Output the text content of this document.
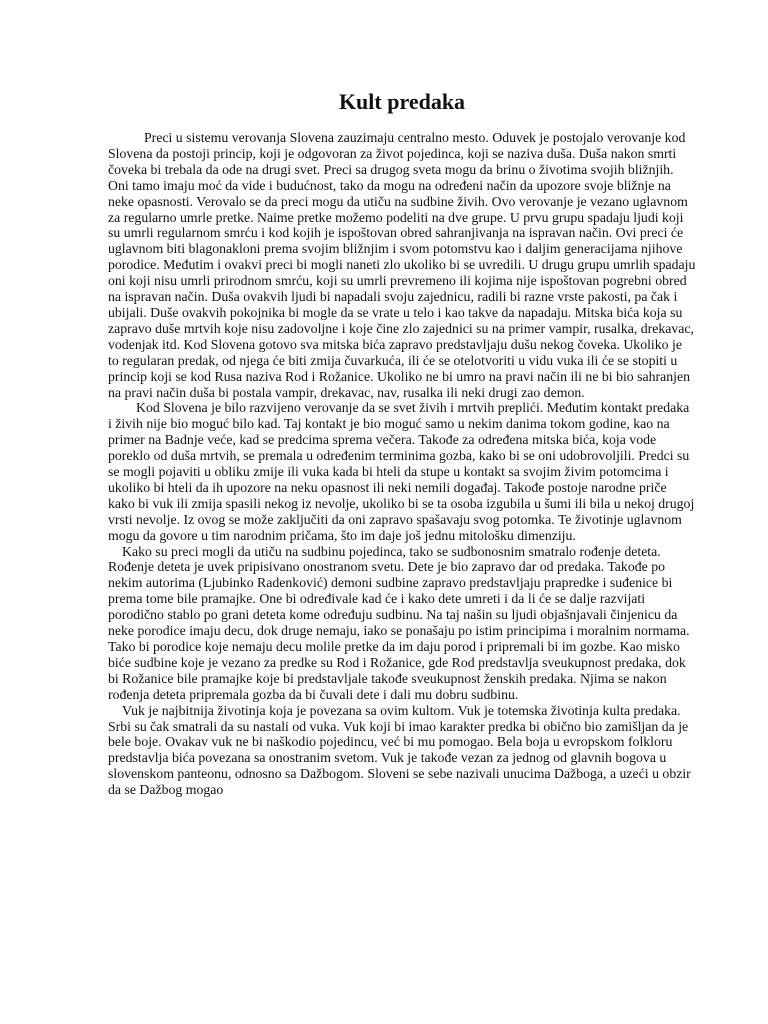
Kult predaka

Preci u sistemu verovanja Slovena zauzimaju centralno mesto. Oduvek je postojalo verovanje kod Slovena da postoji princip, koji je odgovoran za život pojedinca, koji se naziva duša. Duša nakon smrti čoveka bi trebala da ode na drugi svet. Preci sa drugog sveta mogu da brinu o životima svojih bližnjih. Oni tamo imaju moć da vide i budućnost, tako da mogu na određeni način da upozore svoje bližnje na neke opasnosti. Verovalo se da preci mogu da utiču na sudbine živih. Ovo verovanje je vezano uglavnom za regularno umrle pretke. Naime pretke možemo podeliti na dve grupe. U prvu grupu spadaju ljudi koji su umrli regularnom smrću i kod kojih je ispoštovan obred sahranjivanja na ispravan način. Ovi preci će uglavnom biti blagonakloni prema svojim bližnjim i svom potomstvu kao i daljim generacijama njihove porodice. Međutim i ovakvi preci bi mogli naneti zlo ukoliko bi se uvredili. U drugu grupu umrlih spadaju oni koji nisu umrli prirodnom smrću, koji su umrli prevremeno ili kojima nije ispoštovan pogrebni obred na ispravan način. Duša ovakvih ljudi bi napadali svoju zajednicu, radili bi razne vrste pakosti, pa čak i ubijali. Duše ovakvih pokojnika bi mogle da se vrate u telo i kao takve da napadaju. Mitska bića koja su zapravo duše mrtvih koje nisu zadovoljne i koje čine zlo zajednici su na primer vampir, rusalka, drekavac, vodenjak itd. Kod Slovena gotovo sva mitska bića zapravo predstavljaju dušu nekog čoveka. Ukoliko je to regularan predak, od njega će biti zmija čuvarkuća, ili će se otelotvoriti u vidu vuka ili će se stopiti u princip koji se kod Rusa naziva Rod i Rožanice. Ukoliko ne bi umro na pravi način ili ne bi bio sahranjen na pravi način duša bi postala vampir, drekavac, nav, rusalka ili neki drugi zao demon.

Kod Slovena je bilo razvijeno verovanje da se svet živih i mrtvih preplići. Međutim kontakt predaka i živih nije bio moguć bilo kad. Taj kontakt je bio moguć samo u nekim danima tokom godine, kao na primer na Badnje veće, kad se predcima sprema večera. Takođe za određena mitska bića, koja vode poreklo od duša mrtvih, se premala u određenim terminima gozba, kako bi se oni udobrovoljili. Predci su se mogli pojaviti u obliku zmije ili vuka kada bi hteli da stupe u kontakt sa svojim živim potomcima i ukoliko bi hteli da ih upozore na neku opasnost ili neki nemili događaj. Takođe postoje narodne priče kako bi vuk ili zmija spasili nekog iz nevolje, ukoliko bi se ta osoba izgubila u šumi ili bila u nekoj drugoj vrsti nevolje. Iz ovog se može zaključiti da oni zapravo spašavaju svog potomka. Te životinje uglavnom mogu da govore u tim narodnim pričama, što im daje još jednu mitološku dimenziju.

Kako su preci mogli da utiču na sudbinu pojedinca, tako se sudbonosnim smatralo rođenje deteta. Rođenje deteta je uvek pripisivano onostranom svetu. Dete je bio zapravo dar od predaka. Takođe po nekim autorima (Ljubinko Radenković) demoni sudbine zapravo predstavljaju prapredke i suđenice bi prema tome bile pramajke. One bi određivale kad će i kako dete umreti i da li će se dalje razvijati porodično stablo po grani deteta kome određuju sudbinu. Na taj našin su ljudi objašnjavali činjenicu da neke porodice imaju decu, dok druge nemaju, iako se ponašaju po istim principima i moralnim normama. Tako bi porodice koje nemaju decu molile pretke da im daju porod i pripremali bi im gozbe. Kao misko biće sudbine koje je vezano za predke su Rod i Rožanice, gde Rod predstavlja sveukupnost predaka, dok bi Rožanice bile pramajke koje bi predstavljale takođe sveukupnost ženskih predaka. Njima se nakon rođenja deteta pripremala gozba da bi čuvali dete i dali mu dobru sudbinu.

Vuk je najbitnija životinja koja je povezana sa ovim kultom. Vuk je totemska životinja kulta predaka. Srbi su čak smatrali da su nastali od vuka. Vuk koji bi imao karakter predka bi obično bio zamišljan da je bele boje. Ovakav vuk ne bi naškodio pojedincu, već bi mu pomogao. Bela boja u evropskom folkloru predstavlja bića povezana sa onostranim svetom. Vuk je takođe vezan za jednog od glavnih bogova u slovenskom panteonu, odnosno sa Dažbogom. Sloveni se sebe nazivali unucima Dažboga, a uzeći u obzir da se Dažbog mogao
